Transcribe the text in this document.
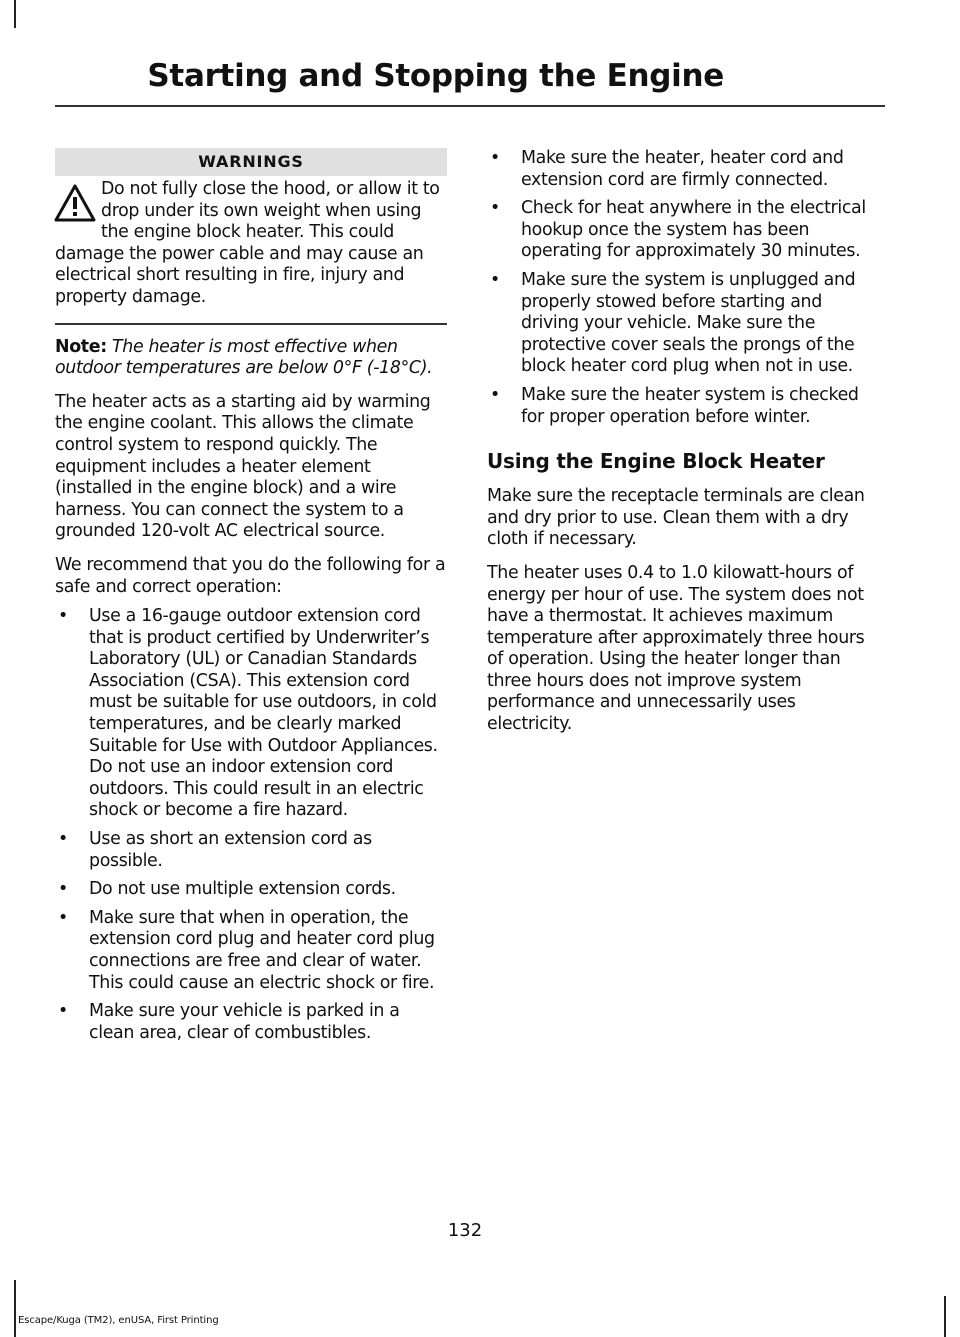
Starting and Stopping the Engine
WARNINGS

Do not fully close the hood, or allow it to drop under its own weight when using the engine block heater. This could damage the power cable and may cause an electrical short resulting in fire, injury and property damage.

Note: The heater is most effective when outdoor temperatures are below 0°F (-18°C).

The heater acts as a starting aid by warming the engine coolant. This allows the climate control system to respond quickly. The equipment includes a heater element (installed in the engine block) and a wire harness. You can connect the system to a grounded 120-volt AC electrical source.

We recommend that you do the following for a safe and correct operation:

• Use a 16-gauge outdoor extension cord that is product certified by Underwriter’s Laboratory (UL) or Canadian Standards Association (CSA). This extension cord must be suitable for use outdoors, in cold temperatures, and be clearly marked Suitable for Use with Outdoor Appliances. Do not use an indoor extension cord outdoors. This could result in an electric shock or become a fire hazard.
• Use as short an extension cord as possible.
• Do not use multiple extension cords.
• Make sure that when in operation, the extension cord plug and heater cord plug connections are free and clear of water. This could cause an electric shock or fire.
• Make sure your vehicle is parked in a clean area, clear of combustibles.
• Make sure the heater, heater cord and extension cord are firmly connected.
• Check for heat anywhere in the electrical hookup once the system has been operating for approximately 30 minutes.
• Make sure the system is unplugged and properly stowed before starting and driving your vehicle. Make sure the protective cover seals the prongs of the block heater cord plug when not in use.
• Make sure the heater system is checked for proper operation before winter.
Using the Engine Block Heater

Make sure the receptacle terminals are clean and dry prior to use. Clean them with a dry cloth if necessary.

The heater uses 0.4 to 1.0 kilowatt-hours of energy per hour of use. The system does not have a thermostat. It achieves maximum temperature after approximately three hours of operation. Using the heater longer than three hours does not improve system performance and unnecessarily uses electricity.

132
Escape/Kuga (TM2), enUSA, First Printing
